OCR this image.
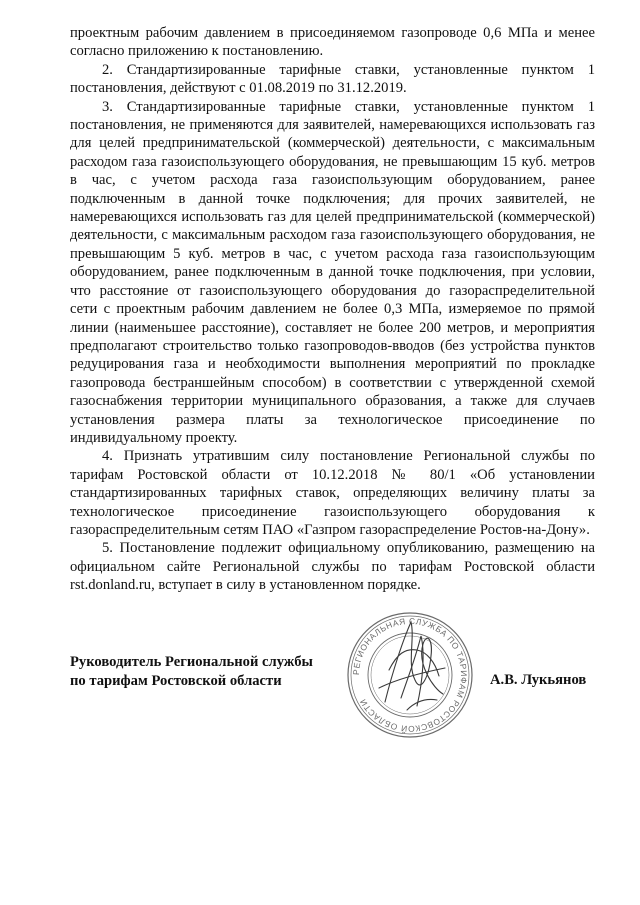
проектным рабочим давлением в присоединяемом газопроводе 0,6 МПа и менее согласно приложению к постановлению.

2. Стандартизированные тарифные ставки, установленные пунктом 1 постановления, действуют с 01.08.2019 по 31.12.2019.

3. Стандартизированные тарифные ставки, установленные пунктом 1 постановления, не применяются для заявителей, намеревающихся использовать газ для целей предпринимательской (коммерческой) деятельности, с максимальным расходом газа газоиспользующего оборудования, не превышающим 15 куб. метров в час, с учетом расхода газа газоиспользующим оборудованием, ранее подключенным в данной точке подключения; для прочих заявителей, не намеревающихся использовать газ для целей предпринимательской (коммерческой) деятельности, с максимальным расходом газа газоиспользующего оборудования, не превышающим 5 куб. метров в час, с учетом расхода газа газоиспользующим оборудованием, ранее подключенным в данной точке подключения, при условии, что расстояние от газоиспользующего оборудования до газораспределительной сети с проектным рабочим давлением не более 0,3 МПа, измеряемое по прямой линии (наименьшее расстояние), составляет не более 200 метров, и мероприятия предполагают строительство только газопроводов-вводов (без устройства пунктов редуцирования газа и необходимости выполнения мероприятий по прокладке газопровода бестраншейным способом) в соответствии с утвержденной схемой газоснабжения территории муниципального образования, а также для случаев установления размера платы за технологическое присоединение по индивидуальному проекту.

4. Признать утратившим силу постановление Региональной службы по тарифам Ростовской области от 10.12.2018 № 80/1 «Об установлении стандартизированных тарифных ставок, определяющих величину платы за технологическое присоединение газоиспользующего оборудования к газораспределительным сетям ПАО «Газпром газораспределение Ростов-на-Дону».

5. Постановление подлежит официальному опубликованию, размещению на официальном сайте Региональной службы по тарифам Ростовской области rst.donland.ru, вступает в силу в установленном порядке.

Руководитель Региональной службы
по тарифам Ростовской области	А.В. Лукьянов
РЕГИОНАЛЬНАЯ СЛУЖБА ПО ТАРИФАМ РОСТОВСКОЙ ОБЛАСТИ
